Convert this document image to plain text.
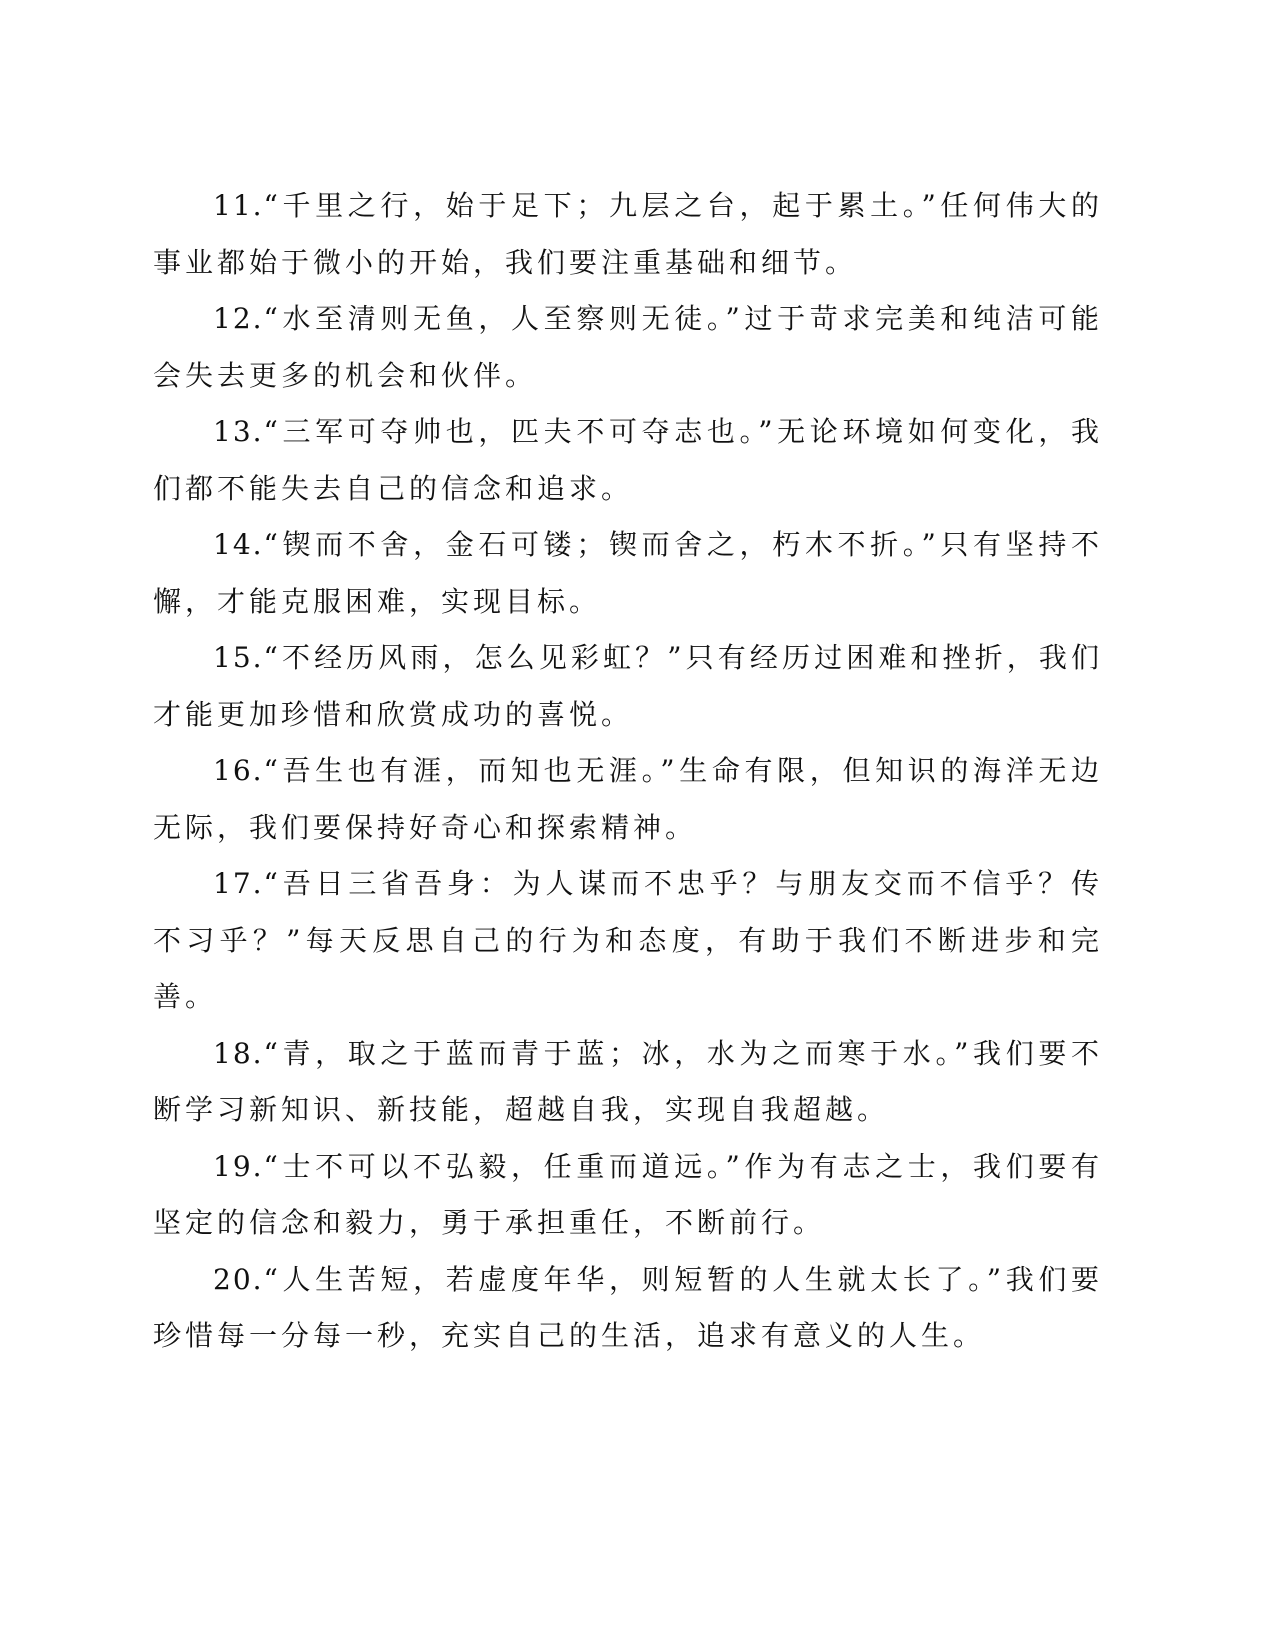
11.“千里之行，始于足下；九层之台，起于累土。”任何伟大的事业都始于微小的开始，我们要注重基础和细节。

12.“水至清则无鱼，人至察则无徒。”过于苛求完美和纯洁可能会失去更多的机会和伙伴。

13.“三军可夺帅也，匹夫不可夺志也。”无论环境如何变化，我们都不能失去自己的信念和追求。

14.“锲而不舍，金石可镂；锲而舍之，朽木不折。”只有坚持不懈，才能克服困难，实现目标。

15.“不经历风雨，怎么见彩虹？”只有经历过困难和挫折，我们才能更加珍惜和欣赏成功的喜悦。

16.“吾生也有涯，而知也无涯。”生命有限，但知识的海洋无边无际，我们要保持好奇心和探索精神。

17.“吾日三省吾身：为人谋而不忠乎？与朋友交而不信乎？传不习乎？”每天反思自己的行为和态度，有助于我们不断进步和完善。

18.“青，取之于蓝而青于蓝；冰，水为之而寒于水。”我们要不断学习新知识、新技能，超越自我，实现自我超越。

19.“士不可以不弘毅，任重而道远。”作为有志之士，我们要有坚定的信念和毅力，勇于承担重任，不断前行。

20.“人生苦短，若虚度年华，则短暂的人生就太长了。”我们要珍惜每一分每一秒，充实自己的生活，追求有意义的人生。
